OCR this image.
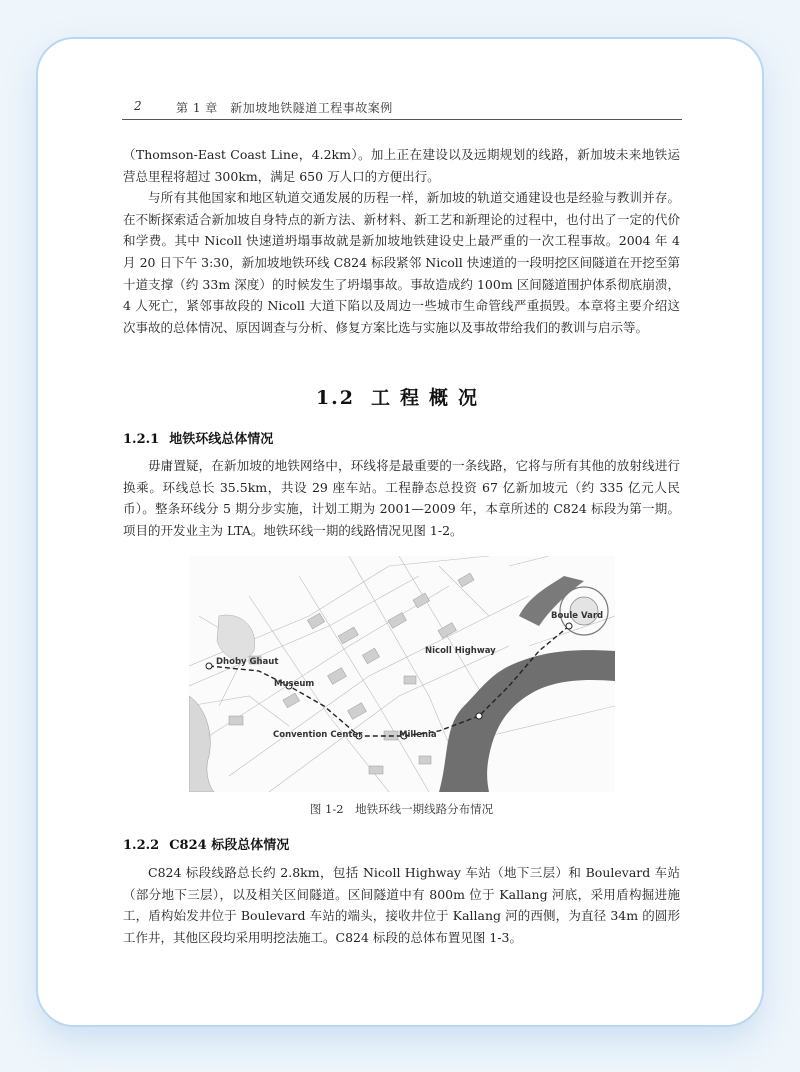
2	第 1 章　新加坡地铁隧道工程事故案例

（Thomson-East Coast Line，4.2km）。加上正在建设以及远期规划的线路，新加坡未来地铁运营总里程将超过 300km，满足 650 万人口的方便出行。

与所有其他国家和地区轨道交通发展的历程一样，新加坡的轨道交通建设也是经验与教训并存。在不断探索适合新加坡自身特点的新方法、新材料、新工艺和新理论的过程中，也付出了一定的代价和学费。其中 Nicoll 快速道坍塌事故就是新加坡地铁建设史上最严重的一次工程事故。2004 年 4 月 20 日下午 3:30，新加坡地铁环线 C824 标段紧邻 Nicoll 快速道的一段明挖区间隧道在开挖至第十道支撑（约 33m 深度）的时候发生了坍塌事故。事故造成约 100m 区间隧道围护体系彻底崩溃，4 人死亡，紧邻事故段的 Nicoll 大道下陷以及周边一些城市生命管线严重损毁。本章将主要介绍这次事故的总体情况、原因调查与分析、修复方案比选与实施以及事故带给我们的教训与启示等。

1.2 工程概况
1.2.1 地铁环线总体情况

毋庸置疑，在新加坡的地铁网络中，环线将是最重要的一条线路，它将与所有其他的放射线进行换乘。环线总长 35.5km，共设 29 座车站。工程静态总投资 67 亿新加坡元（约 335 亿元人民币）。整条环线分 5 期分步实施，计划工期为 2001—2009 年，本章所述的 C824 标段为第一期。项目的开发业主为 LTA。地铁环线一期的线路情况见图 1-2。

Dhoby Ghaut
Museum
Nicoll Highway
Boule Vard
Convention Center	Millenia
图 1-2　地铁环线一期线路分布情况
1.2.2 C824 标段总体情况

C824 标段线路总长约 2.8km，包括 Nicoll Highway 车站（地下三层）和 Boulevard 车站（部分地下三层），以及相关区间隧道。区间隧道中有 800m 位于 Kallang 河底，采用盾构掘进施工，盾构始发井位于 Boulevard 车站的端头，接收井位于 Kallang 河的西侧，为直径 34m 的圆形工作井，其他区段均采用明挖法施工。C824 标段的总体布置见图 1-3。
